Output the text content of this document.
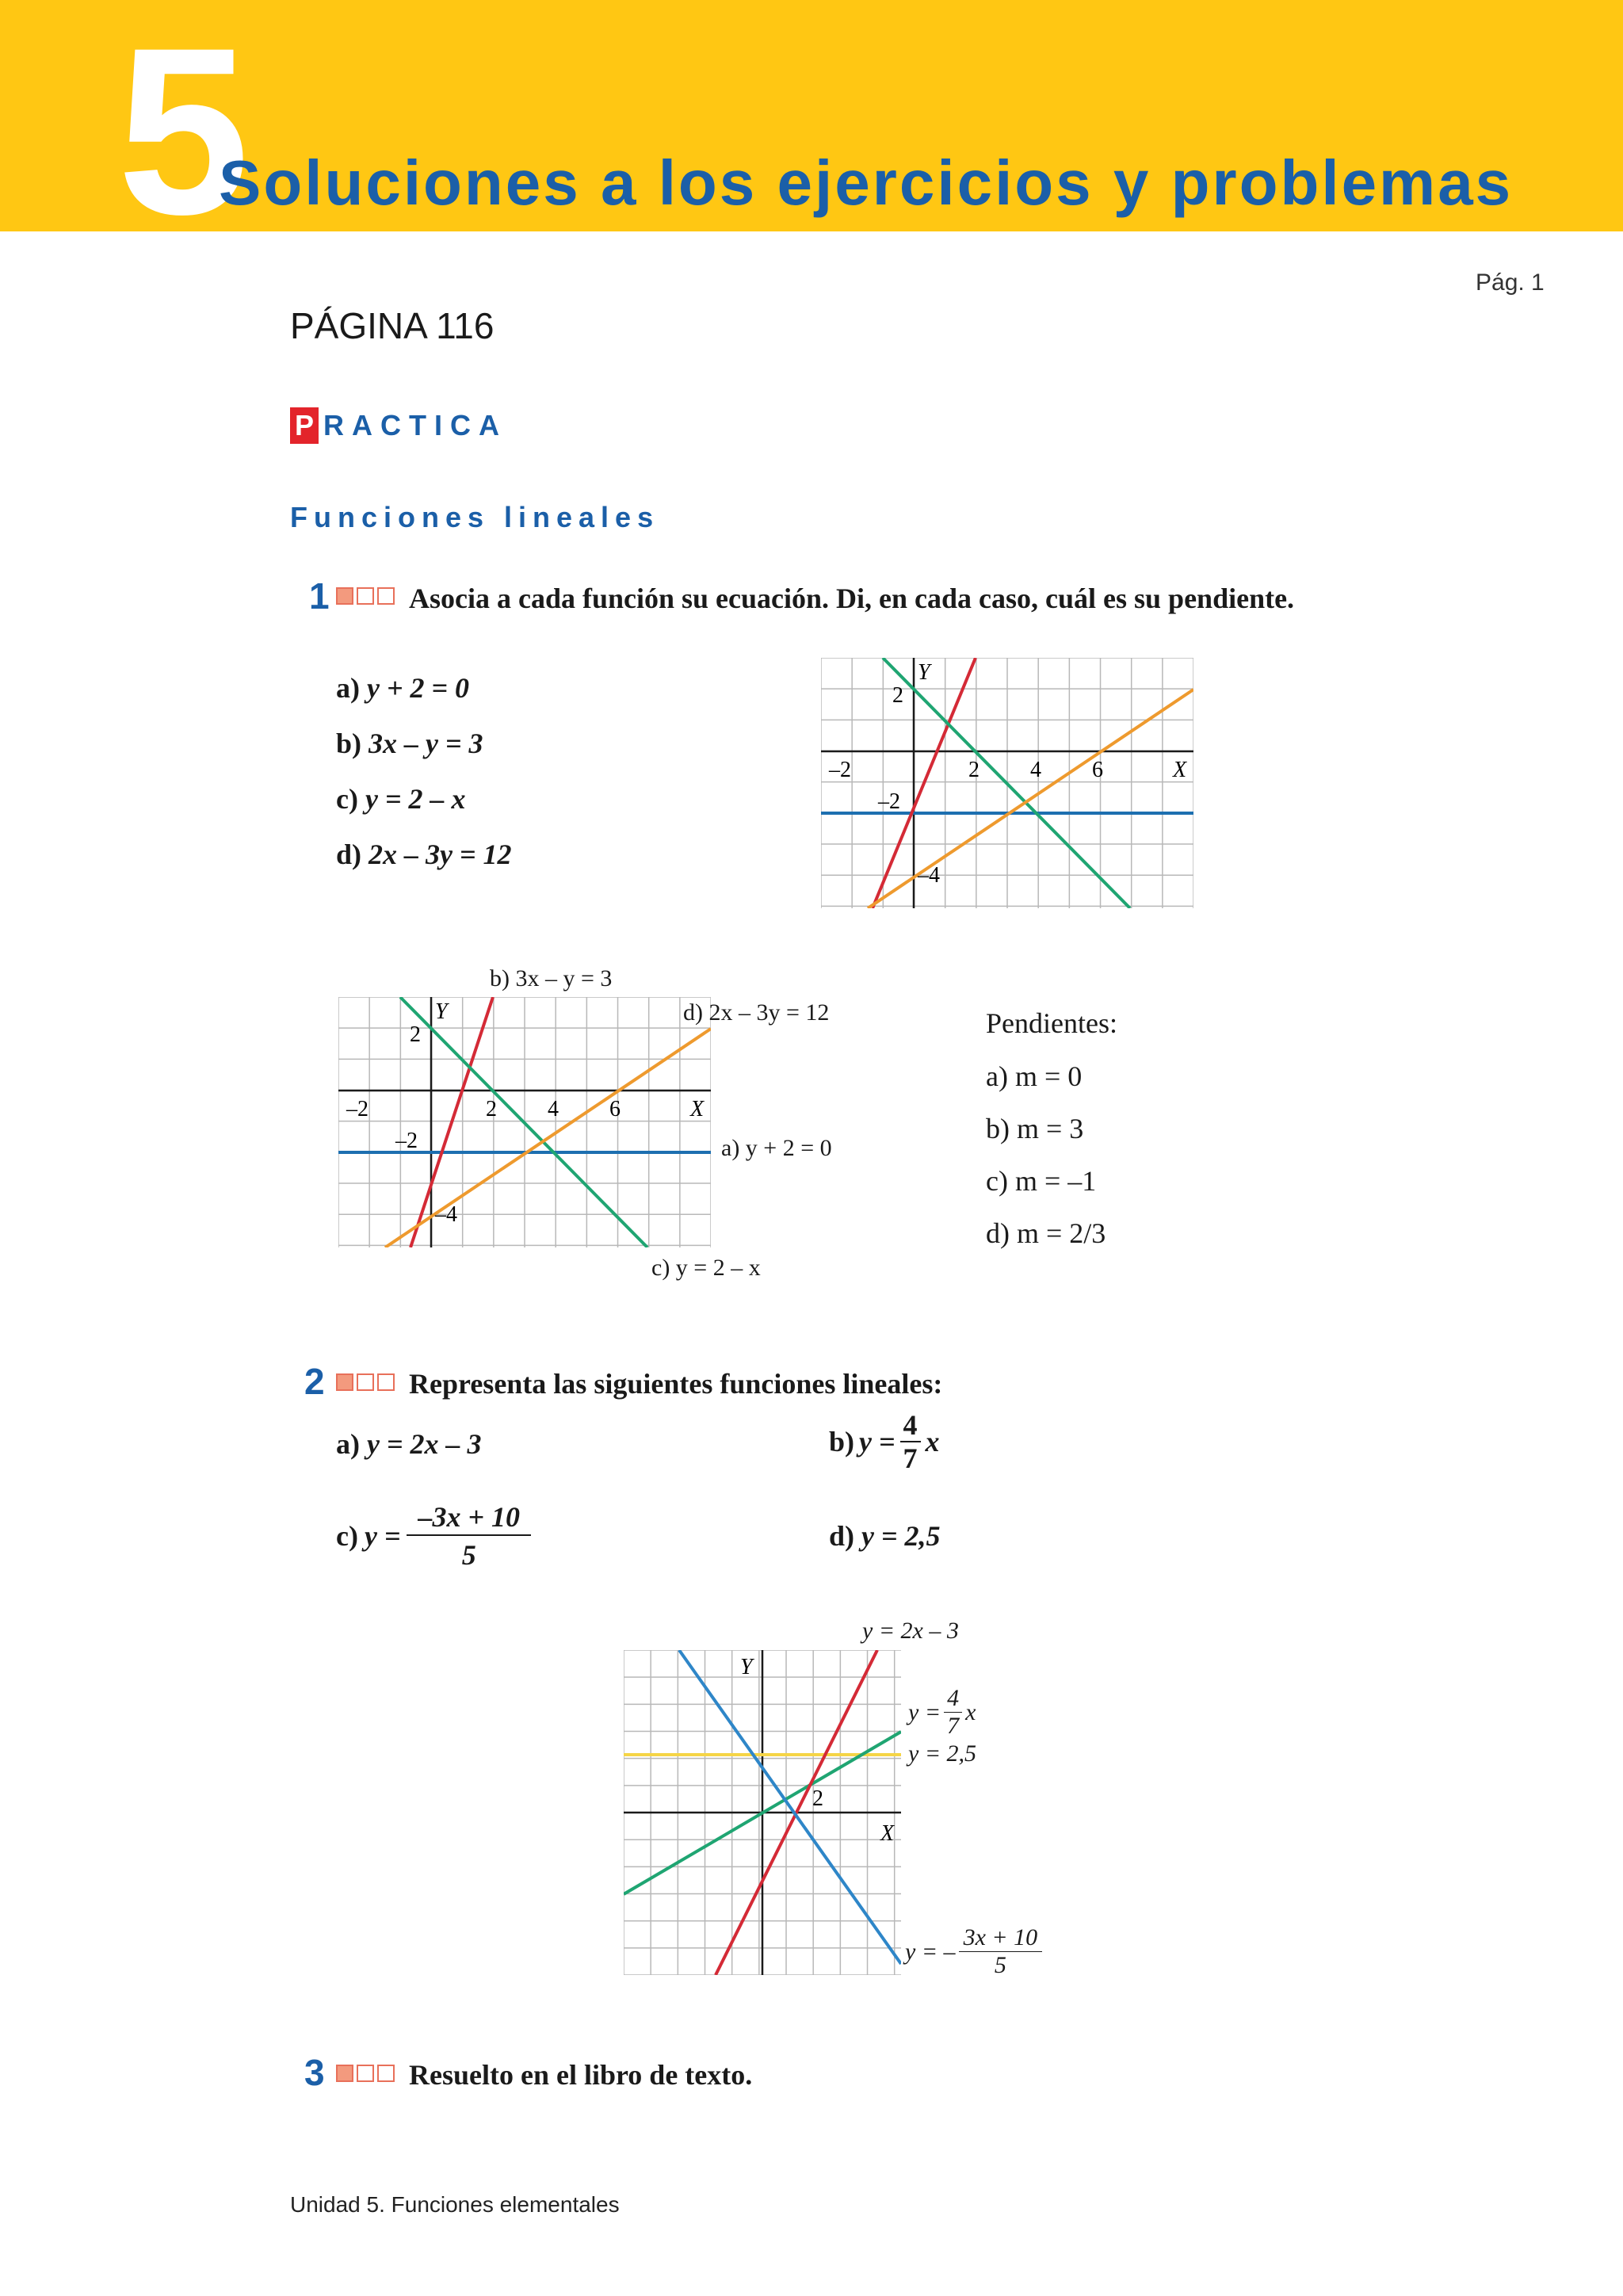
5
Soluciones a los ejercicios y problemas
Pág. 1
PÁGINA 116
P RACTICA
Funciones lineales
1	Asocia a cada función su ecuación. Di, en cada caso, cuál es su pendiente.
a) y + 2 = 0
b) 3x – y = 3
c) y = 2 – x
d) 2x – 3y = 12
Y
2
–2	2 4 6	X
–2
–4
Y
2
–2	2 4 6	X
–2
–4
b) 3x – y = 3
d) 2x – 3y = 12
a) y + 2 = 0
c) y = 2 – x
Pendientes:
a) m = 0
b) m = 3
c) m = –1
d) m = 2/3
2	Representa las siguientes funciones lineales:
a) y = 2x – 3	b) $y = \frac{4}{7}$ x
c) $y = \frac{-3x + 10}{5}$	d) y = 2,5
Y
2
X
y = 2x – 3
$y = \frac{4}{7}$ x
y = 2,5
y = – $\frac{3x + 10}{5}$
3	Resuelto en el libro de texto.
Unidad 5. Funciones elementales
